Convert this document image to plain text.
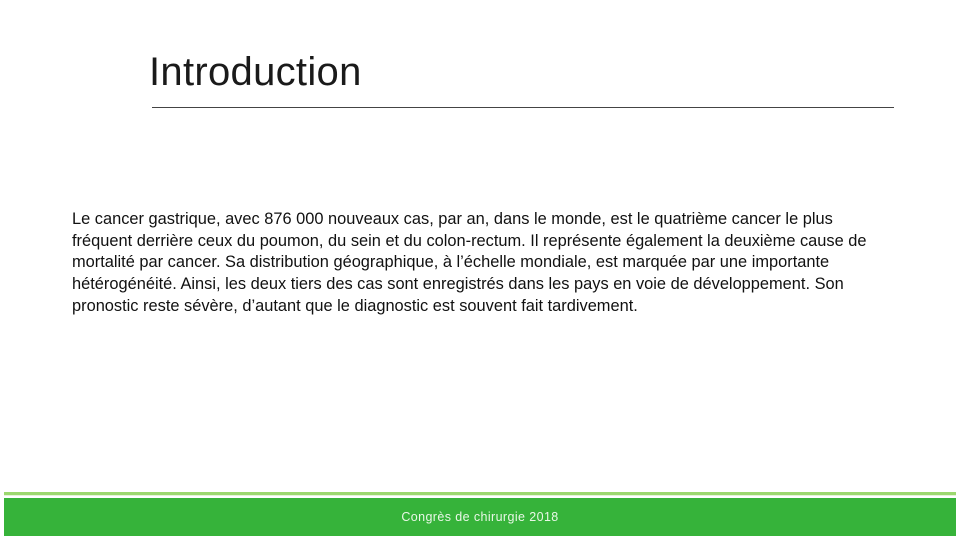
Introduction

Le cancer gastrique, avec 876 000 nouveaux cas, par an, dans le monde, est le quatrième cancer le plus fréquent derrière ceux du poumon, du sein et du colon-rectum. Il représente également la deuxième cause de mortalité par cancer. Sa distribution géographique, à l’échelle mondiale, est marquée par une importante hétérogénéité. Ainsi, les deux tiers des cas sont enregistrés dans les pays en voie de développement. Son pronostic reste sévère, d’autant que le diagnostic est souvent fait tardivement.

Congrès de chirurgie 2018
